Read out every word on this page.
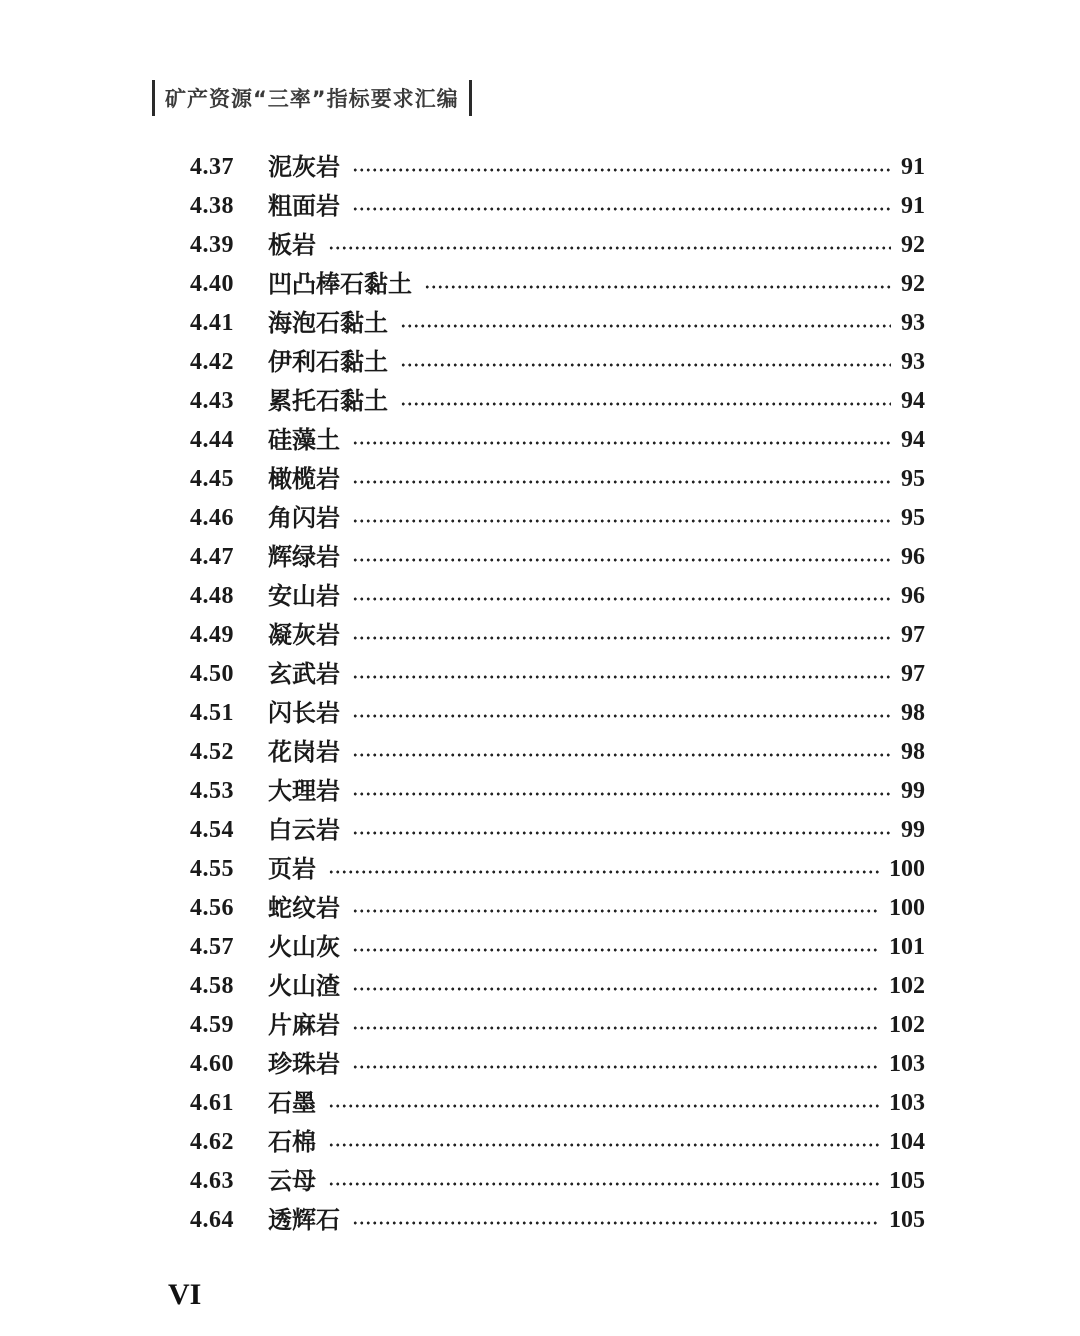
矿产资源“三率”指标要求汇编
4.37	泥灰岩	91
4.38	粗面岩	91
4.39	板岩	92
4.40	凹凸棒石黏土	92
4.41	海泡石黏土	93
4.42	伊利石黏土	93
4.43	累托石黏土	94
4.44	硅藻土	94
4.45	橄榄岩	95
4.46	角闪岩	95
4.47	辉绿岩	96
4.48	安山岩	96
4.49	凝灰岩	97
4.50	玄武岩	97
4.51	闪长岩	98
4.52	花岗岩	98
4.53	大理岩	99
4.54	白云岩	99
4.55	页岩	100
4.56	蛇纹岩	100
4.57	火山灰	101
4.58	火山渣	102
4.59	片麻岩	102
4.60	珍珠岩	103
4.61	石墨	103
4.62	石棉	104
4.63	云母	105
4.64	透辉石	105
VI
